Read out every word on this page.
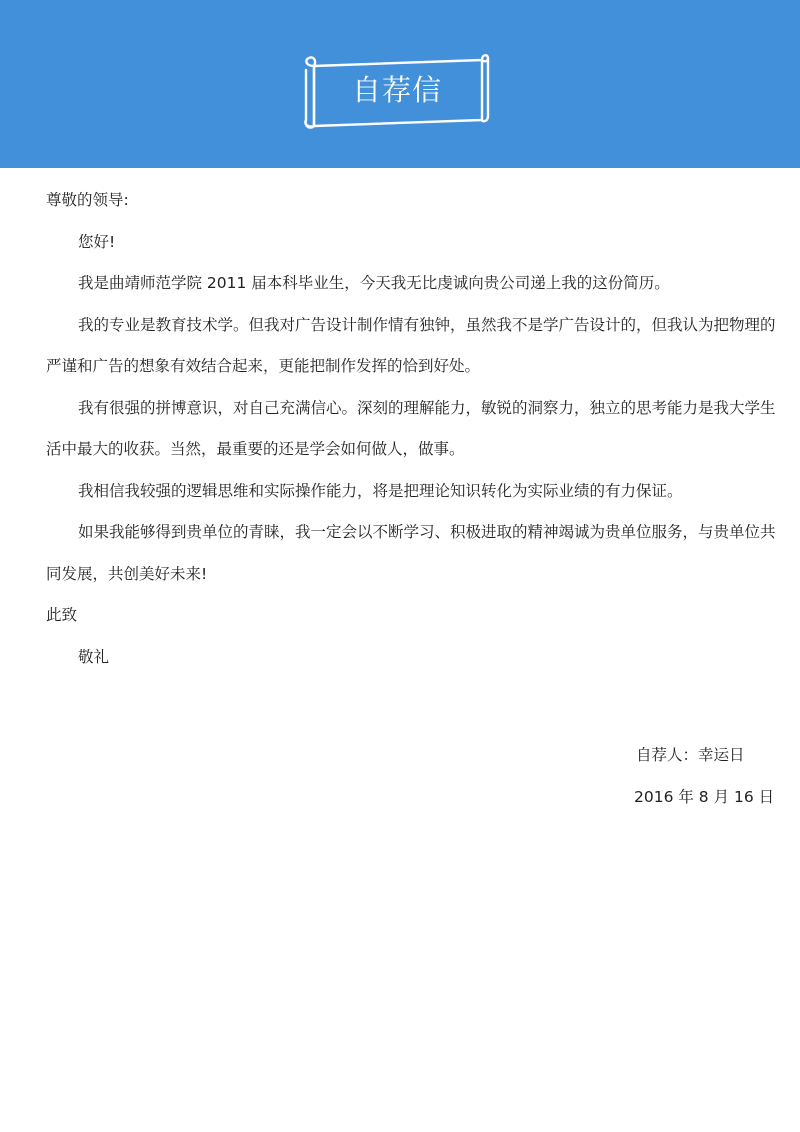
自荐信

尊敬的领导:

您好!

我是曲靖师范学院 2011 届本科毕业生，今天我无比虔诚向贵公司递上我的这份简历。

我的专业是教育技术学。但我对广告设计制作情有独钟，虽然我不是学广告设计的，但我认为把物理的严谨和广告的想象有效结合起来，更能把制作发挥的恰到好处。

我有很强的拼博意识，对自己充满信心。深刻的理解能力，敏锐的洞察力，独立的思考能力是我大学生活中最大的收获。当然，最重要的还是学会如何做人，做事。

我相信我较强的逻辑思维和实际操作能力，将是把理论知识转化为实际业绩的有力保证。

如果我能够得到贵单位的青睐，我一定会以不断学习、积极进取的精神竭诚为贵单位服务，与贵单位共同发展，共创美好未来!

此致

敬礼

自荐人：幸运日

2016 年 8 月 16 日
